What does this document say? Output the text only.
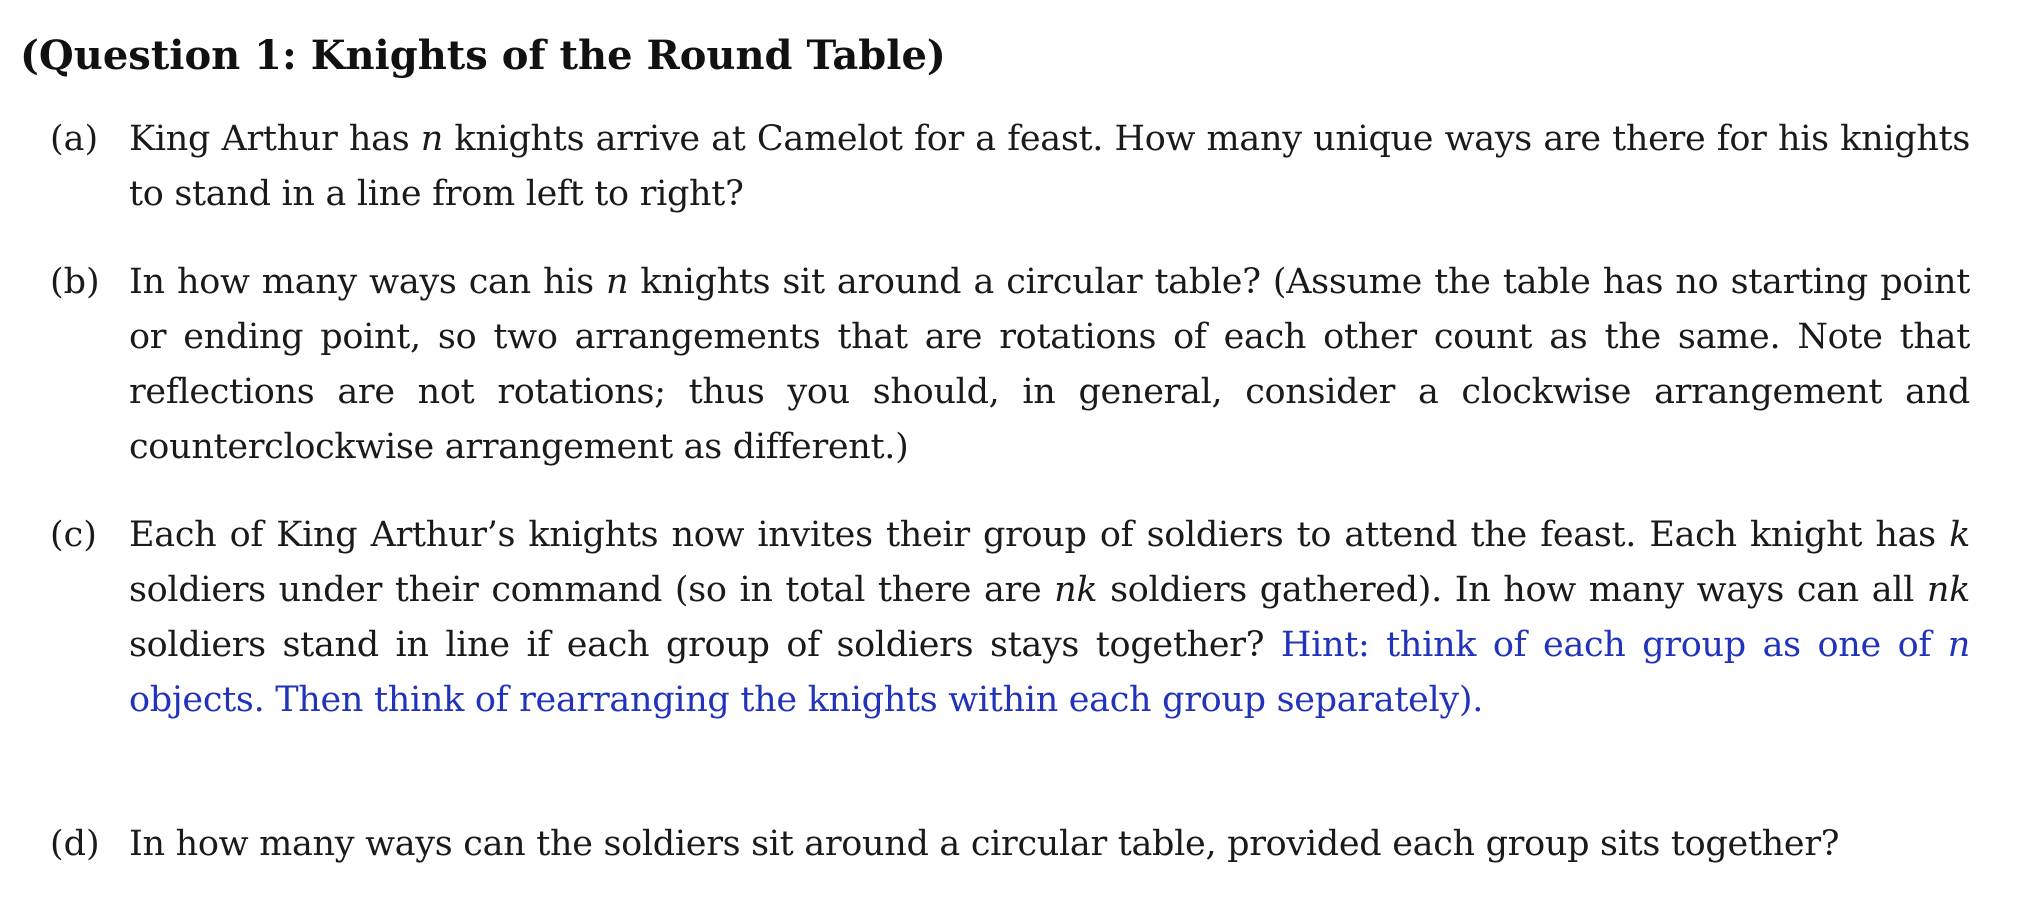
(Question 1: Knights of the Round Table)
(a) King Arthur has n knights arrive at Camelot for a feast. How many unique ways are there for his knights to stand in a line from left to right?
(b) In how many ways can his n knights sit around a circular table? (Assume the table has no starting point or ending point, so two arrangements that are rotations of each other count as the same. Note that reflections are not rotations; thus you should, in general, consider a clockwise arrangement and counterclockwise arrangement as different.)
(c) Each of King Arthur’s knights now invites their group of soldiers to attend the feast. Each knight has k soldiers under their command (so in total there are nk soldiers gathered). In how many ways can all nk soldiers stand in line if each group of soldiers stays together? Hint: think of each group as one of n objects. Then think of rearranging the knights within each group separately).
(d) In how many ways can the soldiers sit around a circular table, provided each group sits together?
